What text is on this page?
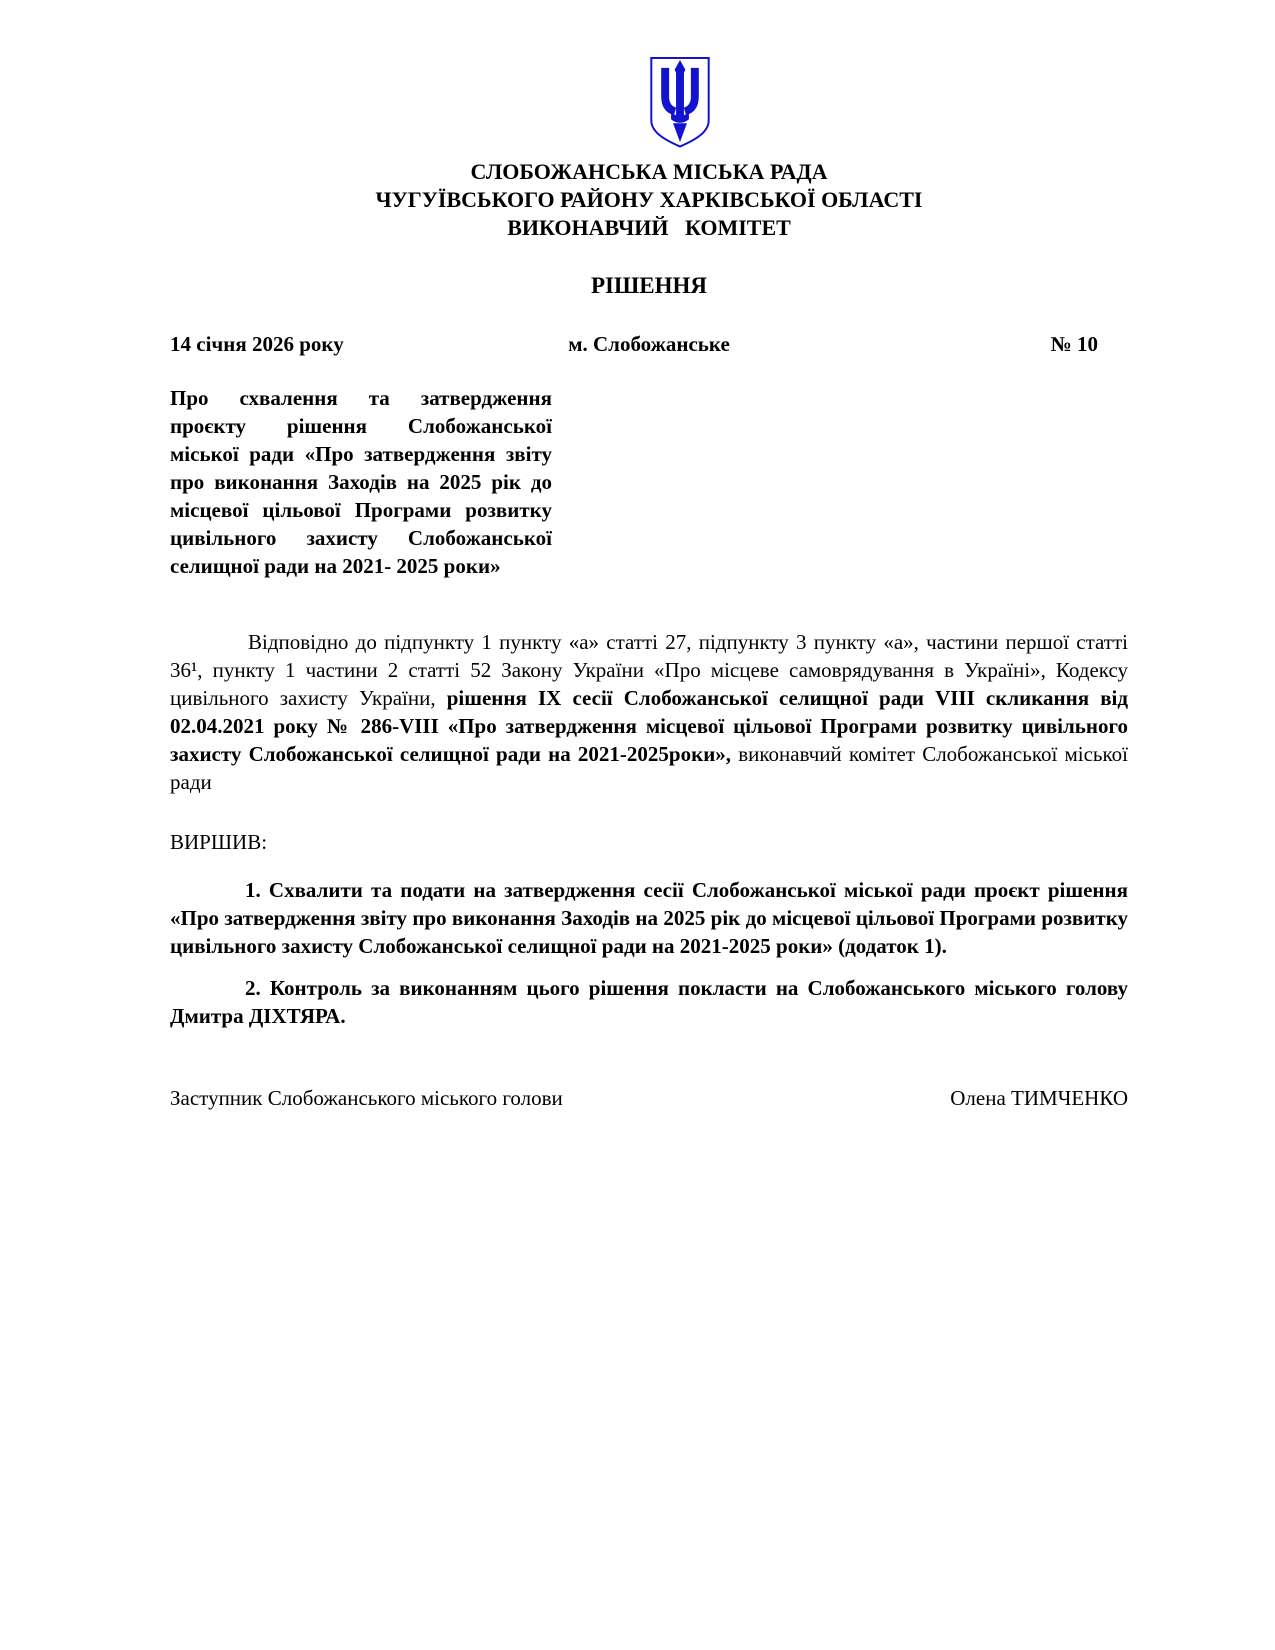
СЛОБОЖАНСЬКА МІСЬКА РАДА
ЧУГУЇВСЬКОГО РАЙОНУ ХАРКІВСЬКОЇ ОБЛАСТІ
ВИКОНАВЧИЙ   КОМІТЕТ
РІШЕННЯ
14 січня 2026 року	м. Слобожанське	№ 10

Про схвалення та затвердження проєкту рішення Слобожанської міської ради «Про затвердження звіту про виконання Заходів на 2025 рік до місцевої цільової Програми розвитку цивільного захисту Слобожанської селищної ради на 2021- 2025 роки»

Відповідно до підпункту 1 пункту «а» статті 27, підпункту 3 пункту «а», частини першої статті 36¹, пункту 1 частини 2 статті 52 Закону України «Про місцеве самоврядування в Україні», Кодексу цивільного захисту України, рішення IX сесії Слобожанської селищної ради VIII скликання від 02.04.2021 року № 286-VIII «Про затвердження місцевої цільової Програми розвитку цивільного захисту Слобожанської селищної ради на 2021-2025роки», виконавчий комітет Слобожанської міської ради

ВИРШИВ:

1. Схвалити та подати на затвердження сесії Слобожанської міської ради проєкт рішення «Про затвердження звіту про виконання Заходів на 2025 рік до місцевої цільової Програми розвитку цивільного захисту Слобожанської селищної ради на 2021-2025 роки» (додаток 1).

2. Контроль за виконанням цього рішення покласти на Слобожанського міського голову Дмитра ДІХТЯРА.

Заступник Слобожанського міського голови	Олена ТИМЧЕНКО
